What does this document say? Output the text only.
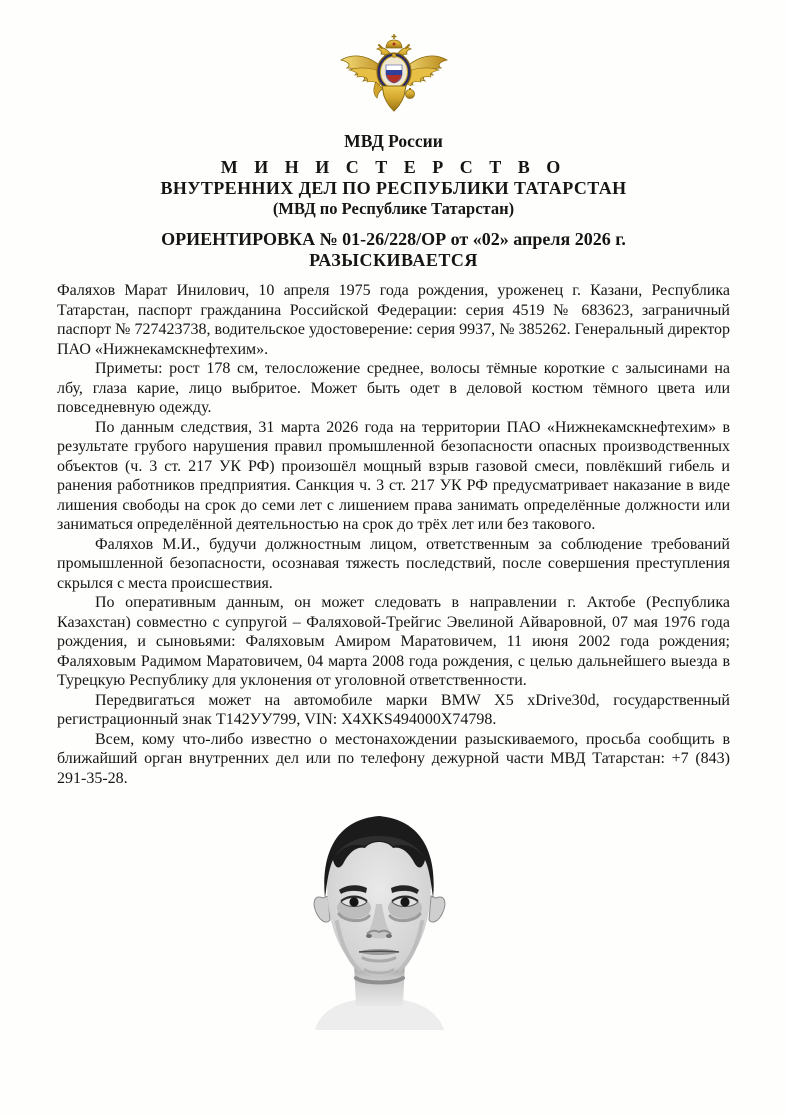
МВД России
М И Н И С Т Е Р С Т В О
ВНУТРЕННИХ ДЕЛ ПО РЕСПУБЛИКИ ТАТАРСТАН
(МВД по Республике Татарстан)
ОРИЕНТИРОВКА № 01-26/228/ОР от «02» апреля 2026 г.
РАЗЫСКИВАЕТСЯ

Фаляхов Марат Инилович, 10 апреля 1975 года рождения, уроженец г. Казани, Республика Татарстан, паспорт гражданина Российской Федерации: серия 4519 № 683623, заграничный паспорт № 727423738, водительское удостоверение: серия 9937, № 385262. Генеральный директор ПАО «Нижнекамскнефтехим».

Приметы: рост 178 см, телосложение среднее, волосы тёмные короткие с залысинами на лбу, глаза карие, лицо выбритое. Может быть одет в деловой костюм тёмного цвета или повседневную одежду.

По данным следствия, 31 марта 2026 года на территории ПАО «Нижнекамскнефтехим» в результате грубого нарушения правил промышленной безопасности опасных производственных объектов (ч. 3 ст. 217 УК РФ) произошёл мощный взрыв газовой смеси, повлёкший гибель и ранения работников предприятия. Санкция ч. 3 ст. 217 УК РФ предусматривает наказание в виде лишения свободы на срок до семи лет с лишением права занимать определённые должности или заниматься определённой деятельностью на срок до трёх лет или без такового.

Фаляхов М.И., будучи должностным лицом, ответственным за соблюдение требований промышленной безопасности, осознавая тяжесть последствий, после совершения преступления скрылся с места происшествия.

По оперативным данным, он может следовать в направлении г. Актобе (Республика Казахстан) совместно с супругой – Фаляховой-Трейгис Эвелиной Айваровной, 07 мая 1976 года рождения, и сыновьями: Фаляховым Амиром Маратовичем, 11 июня 2002 года рождения; Фаляховым Радимом Маратовичем, 04 марта 2008 года рождения, с целью дальнейшего выезда в Турецкую Республику для уклонения от уголовной ответственности.

Передвигаться может на автомобиле марки BMW X5 xDrive30d, государственный регистрационный знак Т142УУ799, VIN: X4XKS494000X74798.

Всем, кому что-либо известно о местонахождении разыскиваемого, просьба сообщить в ближайший орган внутренних дел или по телефону дежурной части МВД Татарстан: +7 (843) 291-35-28.
